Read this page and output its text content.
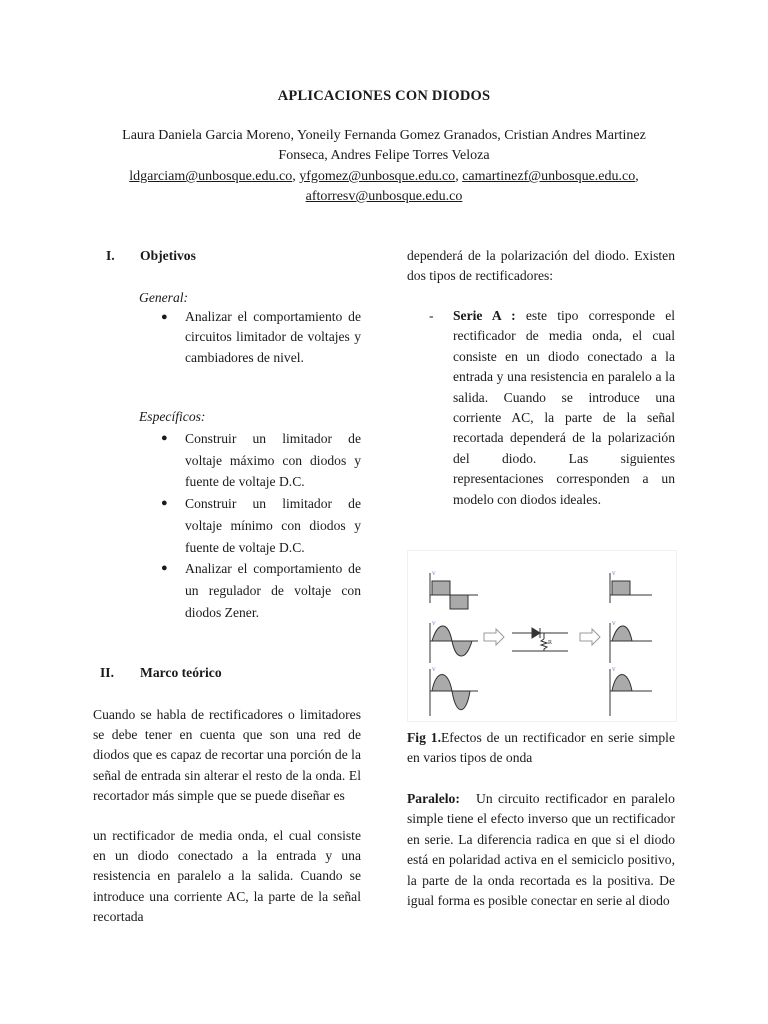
APLICACIONES CON DIODOS
Laura Daniela Garcia Moreno, Yoneily Fernanda Gomez Granados, Cristian Andres Martinez
Fonseca, Andres Felipe Torres Veloza
ldgarciam@unbosque.edu.co, yfgomez@unbosque.edu.co, camartinezf@unbosque.edu.co,
aftorresv@unbosque.edu.co
I. Objetivos
General:
● Analizar el comportamiento de circuitos limitador de voltajes y cambiadores de nivel.
Específicos:
● Construir un limitador de voltaje máximo con diodos y fuente de voltaje D.C.
● Construir un limitador de voltaje mínimo con diodos y fuente de voltaje D.C.
● Analizar el comportamiento de un regulador de voltaje con diodos Zener.
II. Marco teórico
Cuando se habla de rectificadores o limitadores se debe tener en cuenta que son una red de diodos que es capaz de recortar una porción de la señal de entrada sin alterar el resto de la onda. El recortador más simple que se puede diseñar es
un rectificador de media onda, el cual consiste en un diodo conectado a la entrada y una resistencia en paralelo a la salida. Cuando se introduce una corriente AC, la parte de la señal recortada
dependerá de la polarización del diodo. Existen dos tipos de rectificadores:
- Serie A : este tipo corresponde el rectificador de media onda, el cual consiste en un diodo conectado a la entrada y una resistencia en paralelo a la salida. Cuando se introduce una corriente AC, la parte de la señal recortada dependerá de la polarización del diodo. Las siguientes representaciones corresponden a un modelo con diodos ideales.
R
V
V
V
V
V
V
Fig 1.Efectos de un rectificador en serie simple en varios tipos de onda
Paralelo: Un circuito rectificador en paralelo simple tiene el efecto inverso que un rectificador en serie. La diferencia radica en que si el diodo está en polaridad activa en el semiciclo positivo, la parte de la onda recortada es la positiva. De igual forma es posible conectar en serie al diodo
